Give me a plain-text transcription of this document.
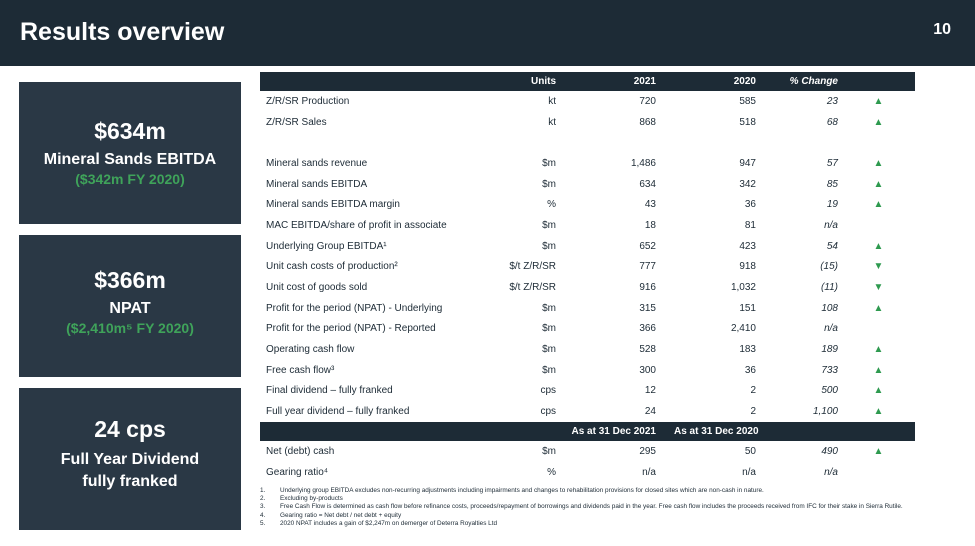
Results overview	10
$634m
Mineral Sands EBITDA
($342m FY 2020)
$366m
NPAT
($2,410m⁵ FY 2020)
24 cps
Full Year Dividend
fully franked
	Units	2021	2020	% Change	
Z/R/SR Production	kt	720	585	23	▲
Z/R/SR Sales	kt	868	518	68	▲

Mineral sands revenue	$m	1,486	947	57	▲
Mineral sands EBITDA	$m	634	342	85	▲
Mineral sands EBITDA margin	%	43	36	19	▲
MAC EBITDA/share of profit in associate	$m	18	81	n/a	
Underlying Group EBITDA¹	$m	652	423	54	▲
Unit cash costs of production²	$/t Z/R/SR	777	918	(15)	▼
Unit cost of goods sold	$/t Z/R/SR	916	1,032	(11)	▼
Profit for the period (NPAT) - Underlying	$m	315	151	108	▲
Profit for the period (NPAT) - Reported	$m	366	2,410	n/a	
Operating cash flow	$m	528	183	189	▲
Free cash flow³	$m	300	36	733	▲
Final dividend – fully franked	cps	12	2	500	▲
Full year dividend – fully franked	cps	24	2	1,100	▲
		As at 31 Dec 2021	As at 31 Dec 2020		
Net (debt) cash	$m	295	50	490	▲
Gearing ratio⁴	%	n/a	n/a	n/a	
1.	Underlying group EBITDA excludes non-recurring adjustments including impairments and changes to rehabilitation provisions for closed sites which are non-cash in nature.
2.	Excluding by-products
3.	Free Cash Flow is determined as cash flow before refinance costs, proceeds/repayment of borrowings and dividends paid in the year. Free cash flow includes the proceeds received from IFC for their stake in Sierra Rutile.
4.	Gearing ratio = Net debt / net debt + equity
5.	2020 NPAT includes a gain of $2,247m on demerger of Deterra Royalties Ltd
